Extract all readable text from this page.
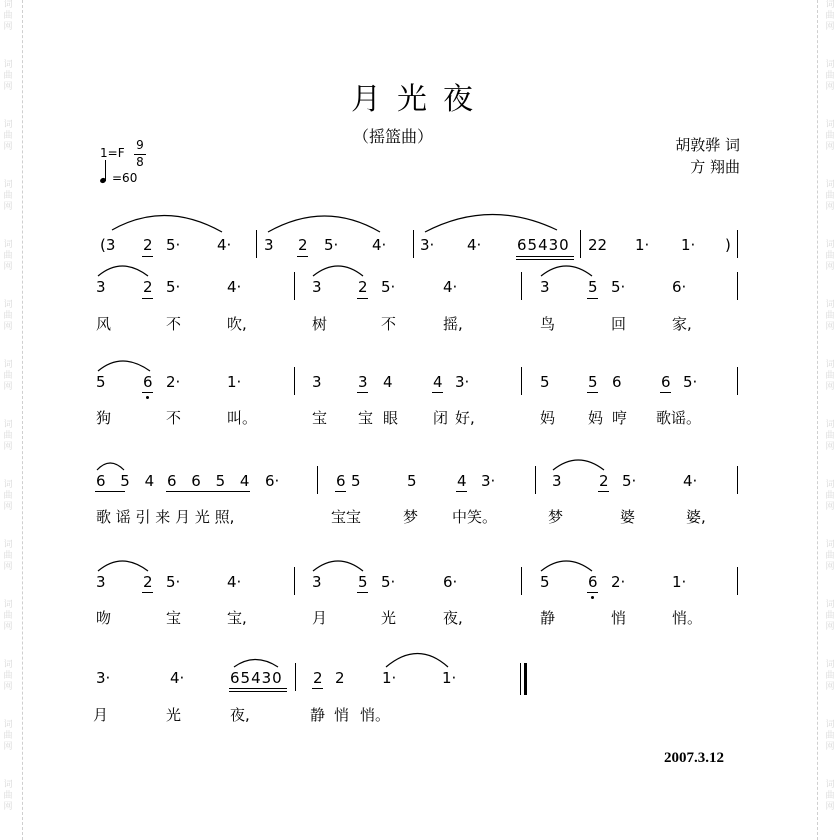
词
曲
网
词
曲
网
词
曲
网
词
曲
网
词
曲
网
词
曲
网
词
曲
网
词
曲
网
词
曲
网
词
曲
网
词
曲
网
词
曲
网
词
曲
网
词
曲
网
词
曲
网
词
曲
网
词
曲
网
词
曲
网
词
曲
网
词
曲
网
词
曲
网
词
曲
网
词
曲
网
词
曲
网
词
曲
网
词
曲
网
词
曲
网
词
曲
网
月光夜
（摇篮曲）	胡敦骅 词
方 翔曲
1=F
9
8
=60
(3 2 5· 4· 3 2 5· 4· 3· 4· 65430 22 1· 1· )
3 2 5·	4·	3 2 5·	4·	3	5 5·	6·
风	不	吹,	树	不	摇,	鸟	回	家,
5 6 2·	1·	3 3 4	4 3·	5	5 6	6 5·
狗	不	叫。	宝 宝 眼 闭 好,	妈 妈 哼 歌谣。
6 5 4 6 6 5 4 6·	6 5	5	4 3·	3 2 5·	4·
歌 谣 引 来 月 光 照,	宝宝	梦 中笑。	梦	婆	婆,
3 2 5·	4·	3 5 5·	6·	5	6 2·	1·
吻	宝	宝,	月	光	夜,	静	悄	悄。
3·	4·	65430 2 2 1·	1·
月	光	夜,	静 悄 悄。
2007.3.12
